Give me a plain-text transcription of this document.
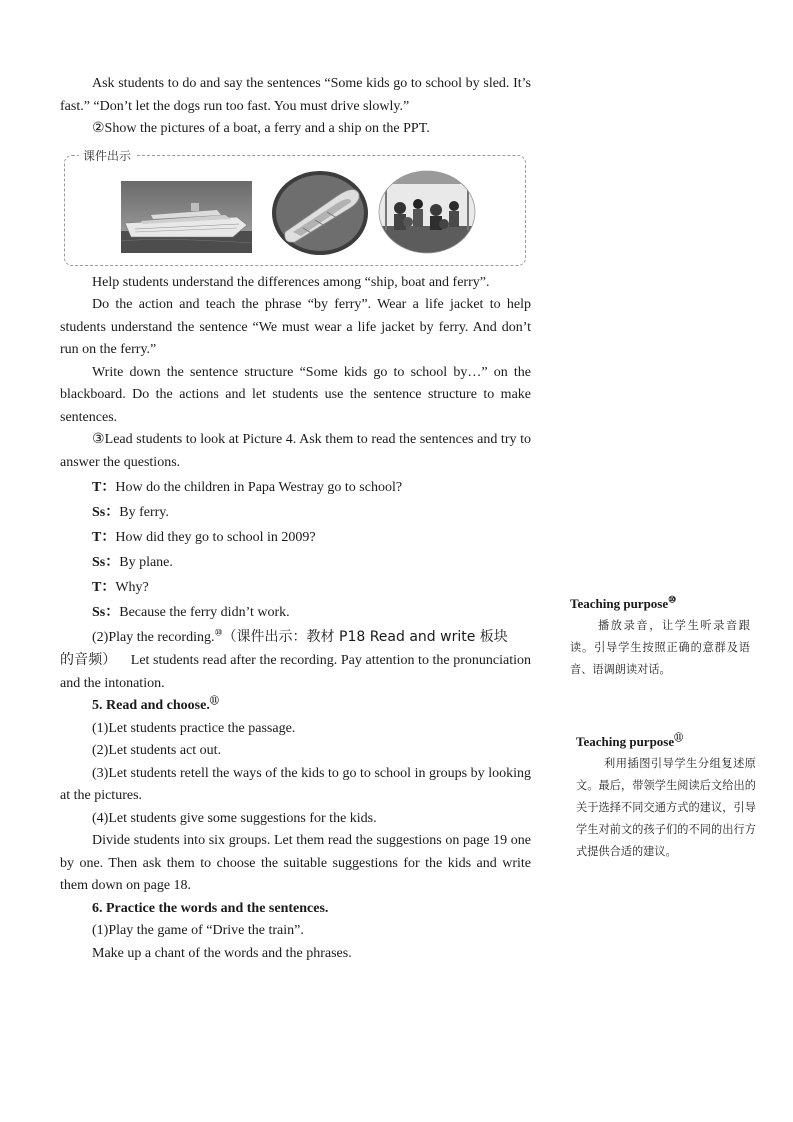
Ask students to do and say the sentences “Some kids go to school by sled. It’s fast.” “Don’t let the dogs run too fast. You must drive slowly.”

②Show the pictures of a boat, a ferry and a ship on the PPT.
课件出示

Help students understand the differences among “ship, boat and ferry”.

Do the action and teach the phrase “by ferry”. Wear a life jacket to help students understand the sentence “We must wear a life jacket by ferry. And don’t run on the ferry.”

Write down the sentence structure “Some kids go to school by…” on the blackboard. Do the actions and let students use the sentence structure to make sentences.

③Lead students to look at Picture 4. Ask them to read the sentences and try to answer the questions.

T：How do the children in Papa Westray go to school?
Ss：By ferry.
T：How did they go to school in 2009?
Ss：By plane.
T：Why?
Ss：Because the ferry didn’t work.
(2)Play the recording.⑩（课件出示：教材 P18 Read and write 板块

的音频） Let students read after the recording. Pay attention to the pronunciation and the intonation.

5. Read and choose.⑪
(1)Let students practice the passage.
(2)Let students act out.

(3)Let students retell the ways of the kids to go to school in groups by looking at the pictures.

(4)Let students give some suggestions for the kids.

Divide students into six groups. Let them read the suggestions on page 19 one by one. Then ask them to choose the suitable suggestions for the kids and write them down on page 18.

6. Practice the words and the sentences.
(1)Play the game of “Drive the train”.
Make up a chant of the words and the phrases.
Teaching purpose⑩
播放录音，让学生听录音跟读。引导学生按照正确的意群及语音、语调朗读对话。
Teaching purpose⑪
利用插图引导学生分组复述原文。最后，带领学生阅读后文给出的关于选择不同交通方式的建议，引导学生对前文的孩子们的不同的出行方式提供合适的建议。
